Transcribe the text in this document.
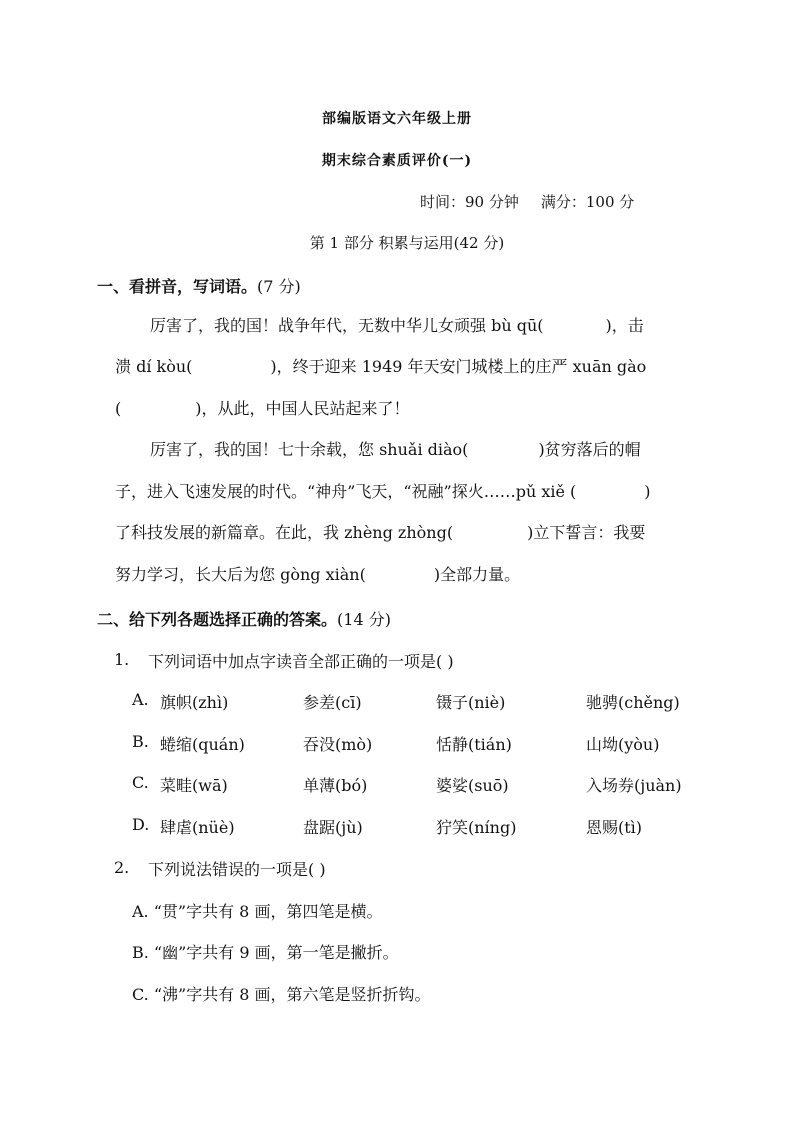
部编版语文六年级上册
期末综合素质评价(一)
时间：90 分钟 满分：100 分
第 1 部分 积累与运用(42 分)
一、看拼音，写词语。(7 分)
厉害了，我的国！战争年代，无数中华儿女顽强 bù qū(	)，击
溃 dí kòu(	)，终于迎来 1949 年天安门城楼上的庄严 xuān gào
(	)，从此，中国人民站起来了！
厉害了，我的国！七十余载，您 shuǎi diào(	)贫穷落后的帽
子，进入飞速发展的时代。“神舟”飞天，“祝融”探火……pǔ xiě (	)
了科技发展的新篇章。在此，我 zhèng zhòng(	)立下誓言：我要
努力学习，长大后为您 gòng xiàn(	)全部力量。
二、给下列各题选择正确的答案。(14 分)
1. 下列词语中加点字读音全部正确的一项是( )
A. 旗帜(zhì)	参差(cī)	镊子(niè)	驰骋(chěng)
B. 蜷缩(quán)	吞没(mò)	恬静(tián)	山坳(yòu)
C. 菜畦(wā)	单薄(bó)	婆娑(suō)	入场券(juàn)
D. 肆虐(nüè)	盘踞(jù)	狞笑(níng)	恩赐(tì)
2. 下列说法错误的一项是( )
A. “贯”字共有 8 画，第四笔是横。
B. “幽”字共有 9 画，第一笔是撇折。
C. “沸”字共有 8 画，第六笔是竖折折钩。
